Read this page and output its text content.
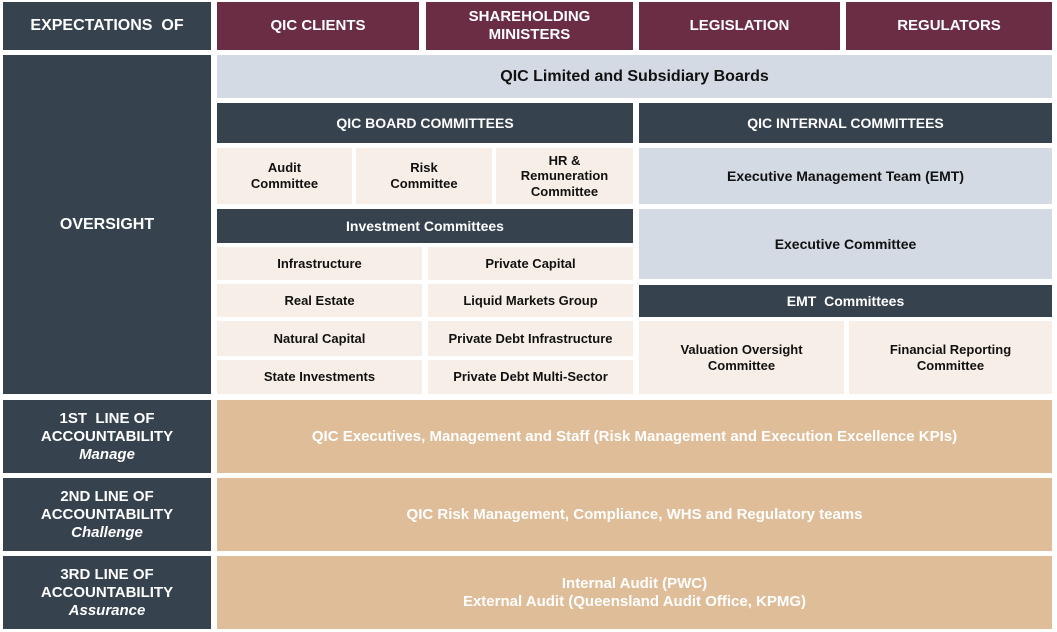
EXPECTATIONS  OF	QIC CLIENTS
SHAREHOLDING
MINISTERS
LEGISLATION	REGULATORS
OVERSIGHT
QIC Limited and Subsidiary Boards
QIC BOARD COMMITTEES
Audit
Committee
Risk
Committee
HR &
Remuneration
Committee
Investment Committees
Infrastructure
Real Estate
Natural Capital
State Investments
Private Capital
Liquid Markets Group
Private Debt Infrastructure
Private Debt Multi-Sector
QIC INTERNAL COMMITTEES
Executive Management Team (EMT)
Executive Committee
EMT  Committees
Valuation Oversight
Committee
Financial Reporting
Committee
1ST  LINE OF
ACCOUNTABILITY
Manage
QIC Executives, Management and Staff (Risk Management and Execution Excellence KPIs)
2ND LINE OF
ACCOUNTABILITY
Challenge
QIC Risk Management, Compliance, WHS and Regulatory teams
3RD LINE OF
ACCOUNTABILITY
Assurance
Internal Audit (PWC)
External Audit (Queensland Audit Office, KPMG)
